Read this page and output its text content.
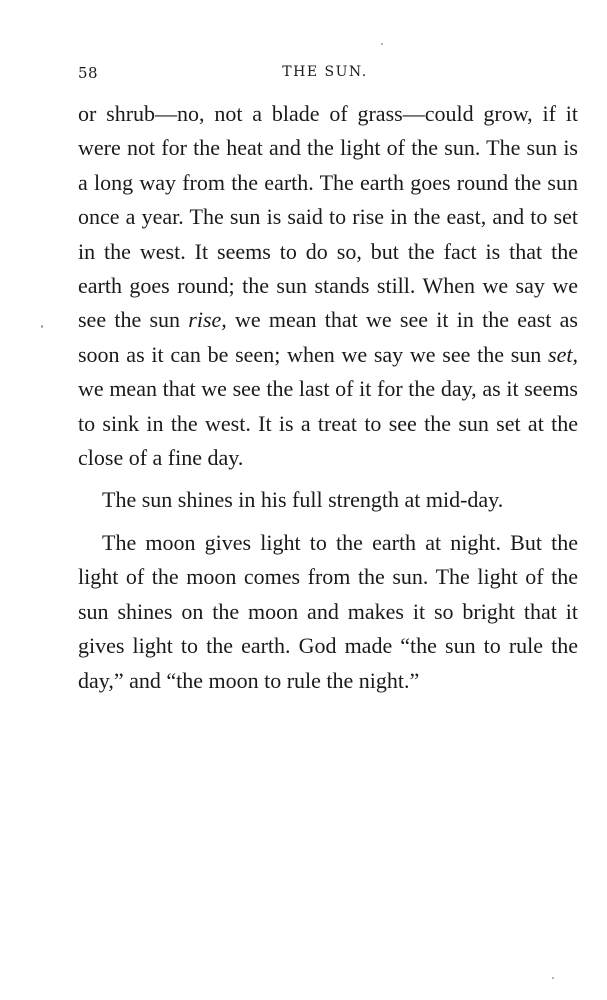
58	THE SUN.

or shrub—no, not a blade of grass—could grow, if it were not for the heat and the light of the sun. The sun is a long way from the earth. The earth goes round the sun once a year. The sun is said to rise in the east, and to set in the west. It seems to do so, but the fact is that the earth goes round; the sun stands still. When we say we see the sun rise, we mean that we see it in the east as soon as it can be seen; when we say we see the sun set, we mean that we see the last of it for the day, as it seems to sink in the west. It is a treat to see the sun set at the close of a fine day.

The sun shines in his full strength at mid-day.

The moon gives light to the earth at night. But the light of the moon comes from the sun. The light of the sun shines on the moon and makes it so bright that it gives light to the earth. God made “the sun to rule the day,” and “the moon to rule the night.”
